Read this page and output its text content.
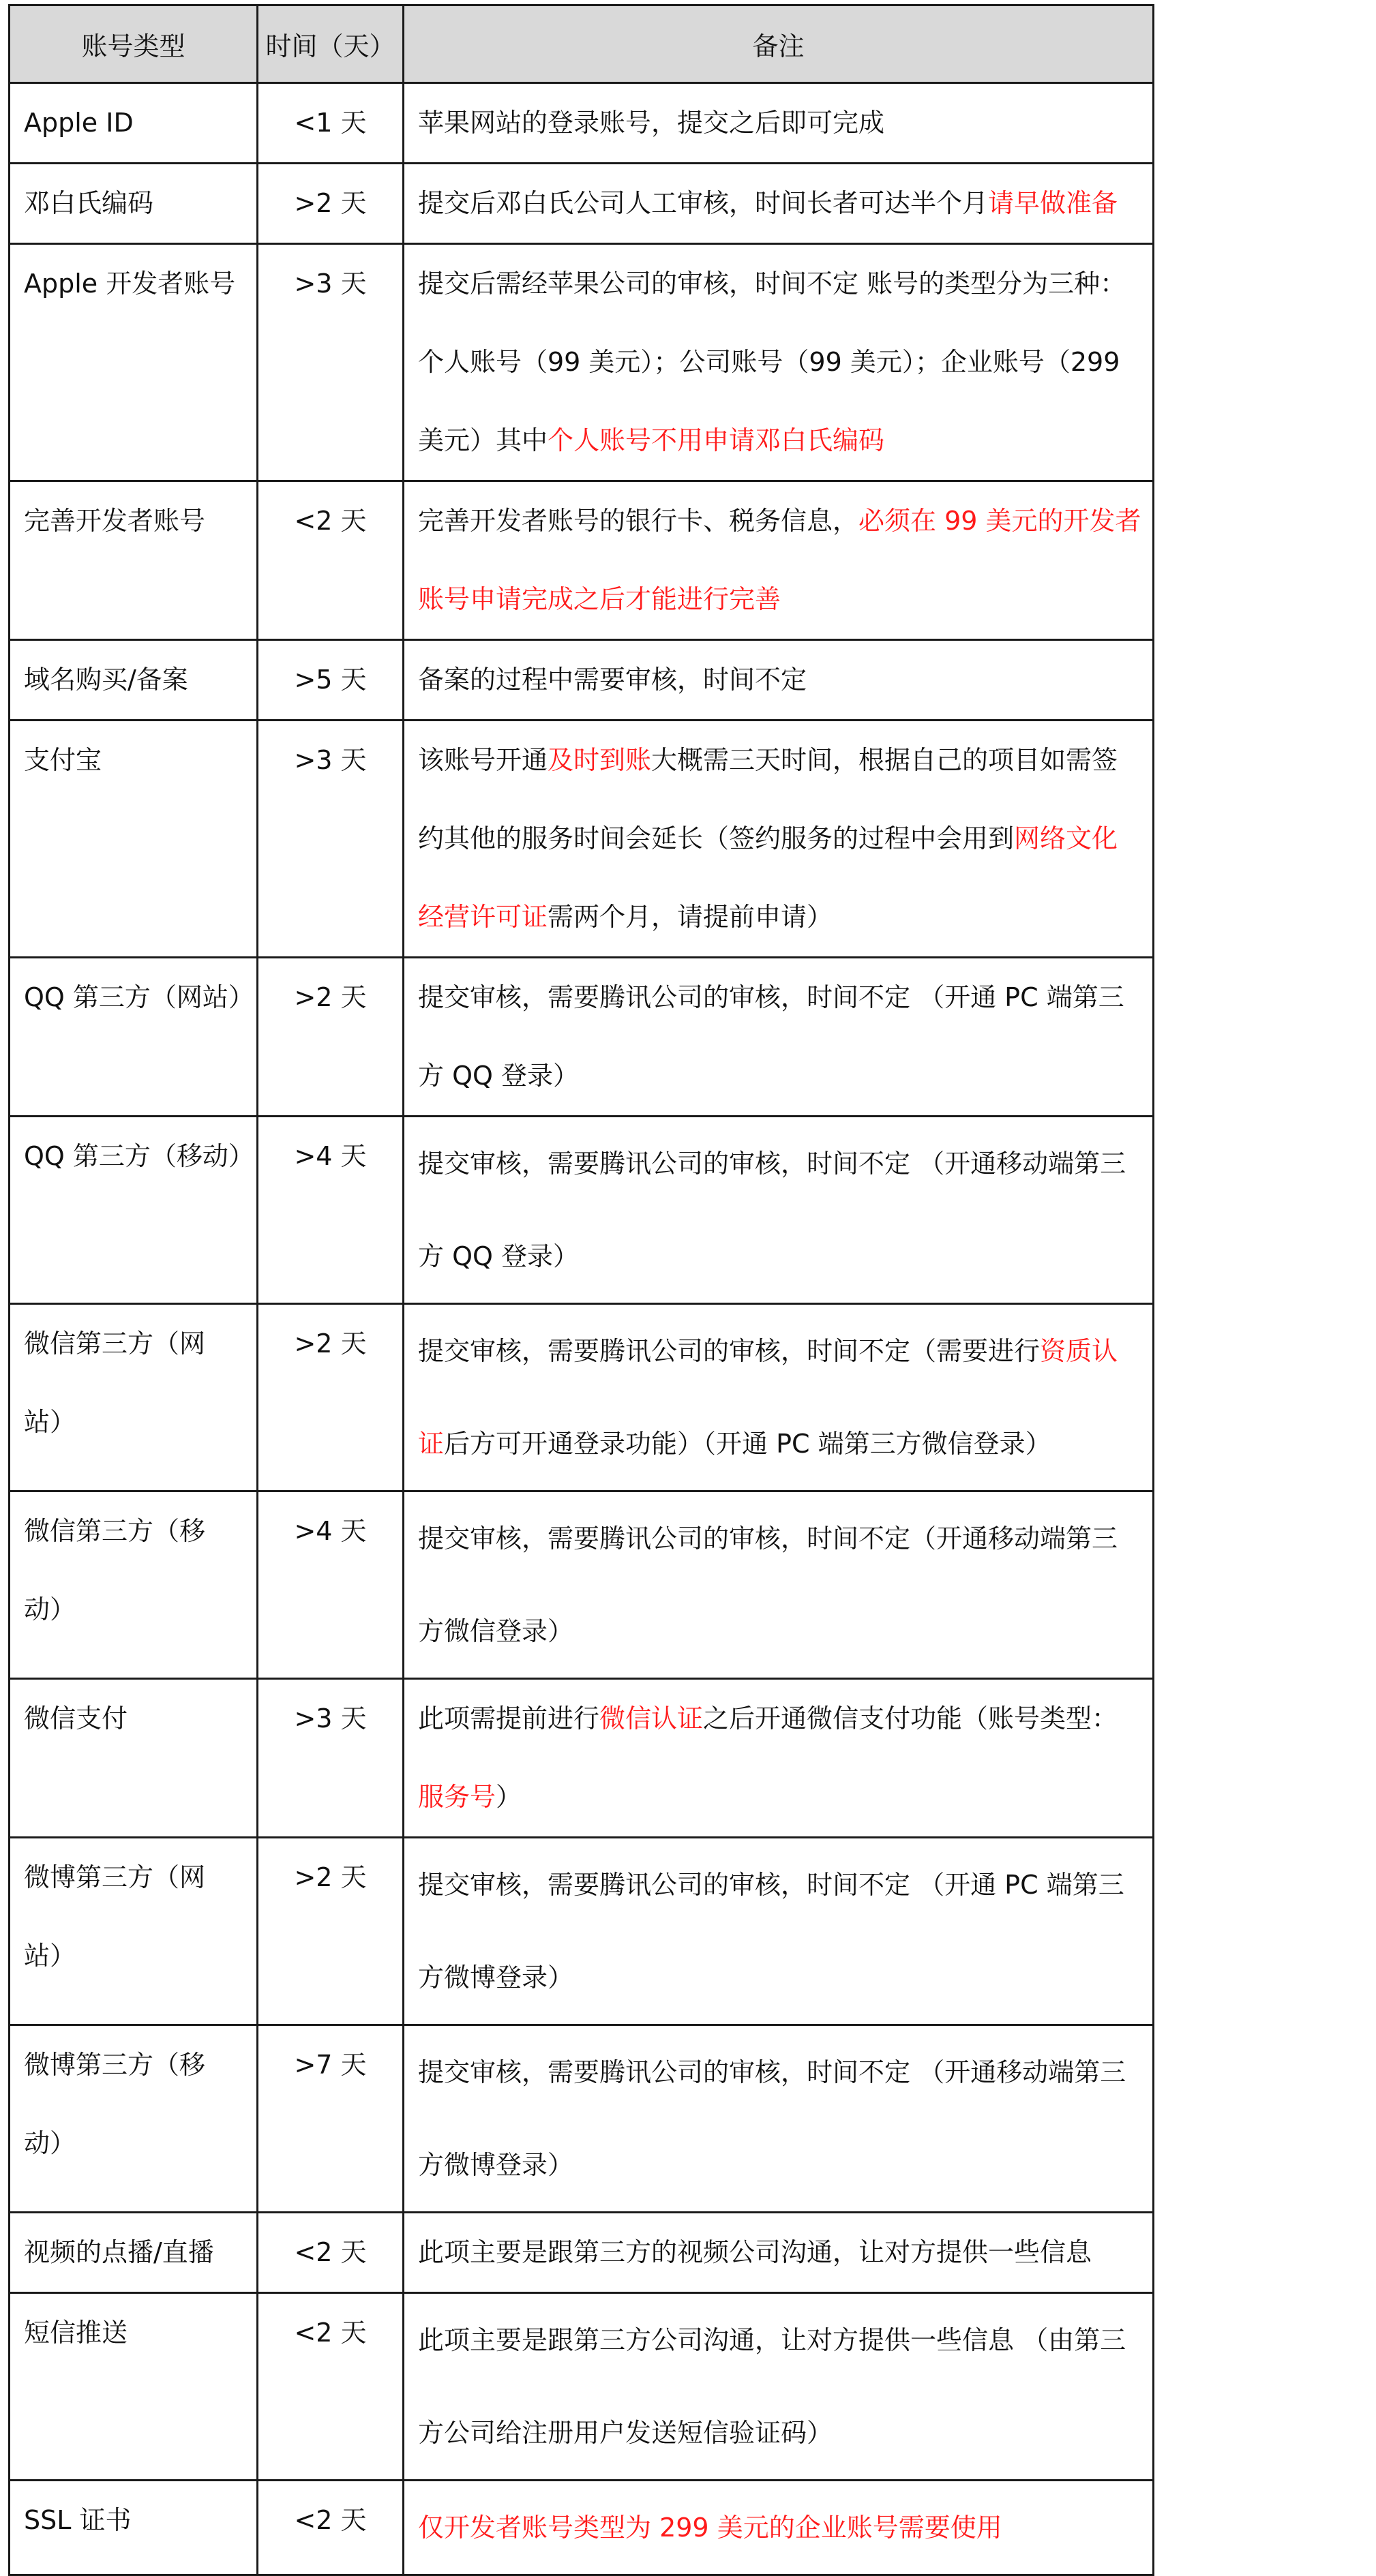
账号类型	时间（天）	备注
Apple ID	<1 天	苹果网站的登录账号，提交之后即可完成
邓白氏编码	>2 天	提交后邓白氏公司人工审核，时间长者可达半个月请早做准备
Apple 开发者账号	>3 天	提交后需经苹果公司的审核，时间不定 账号的类型分为三种：个人账号（99 美元）；公司账号（99 美元）；企业账号（299 美元）其中个人账号不用申请邓白氏编码
完善开发者账号	<2 天	完善开发者账号的银行卡、税务信息，必须在 99 美元的开发者账号申请完成之后才能进行完善
域名购买/备案	>5 天	备案的过程中需要审核，时间不定
支付宝	>3 天	该账号开通及时到账大概需三天时间，根据自己的项目如需签约其他的服务时间会延长（签约服务的过程中会用到网络文化经营许可证需两个月，请提前申请）
QQ 第三方（网站）	>2 天	提交审核，需要腾讯公司的审核，时间不定 （开通 PC 端第三方 QQ 登录）
QQ 第三方（移动）	>4 天	提交审核，需要腾讯公司的审核，时间不定 （开通移动端第三方 QQ 登录）
微信第三方（网站）	>2 天	提交审核，需要腾讯公司的审核，时间不定（需要进行资质认证后方可开通登录功能）（开通 PC 端第三方微信登录）
微信第三方（移动）	>4 天	提交审核，需要腾讯公司的审核，时间不定（开通移动端第三方微信登录）
微信支付	>3 天	此项需提前进行微信认证之后开通微信支付功能（账号类型：服务号）
微博第三方（网站）	>2 天	提交审核，需要腾讯公司的审核，时间不定 （开通 PC 端第三方微博登录）
微博第三方（移动）	>7 天	提交审核，需要腾讯公司的审核，时间不定 （开通移动端第三方微博登录）
视频的点播/直播	<2 天	此项主要是跟第三方的视频公司沟通，让对方提供一些信息
短信推送	<2 天	此项主要是跟第三方公司沟通，让对方提供一些信息 （由第三方公司给注册用户发送短信验证码）
SSL 证书	<2 天	仅开发者账号类型为 299 美元的企业账号需要使用
